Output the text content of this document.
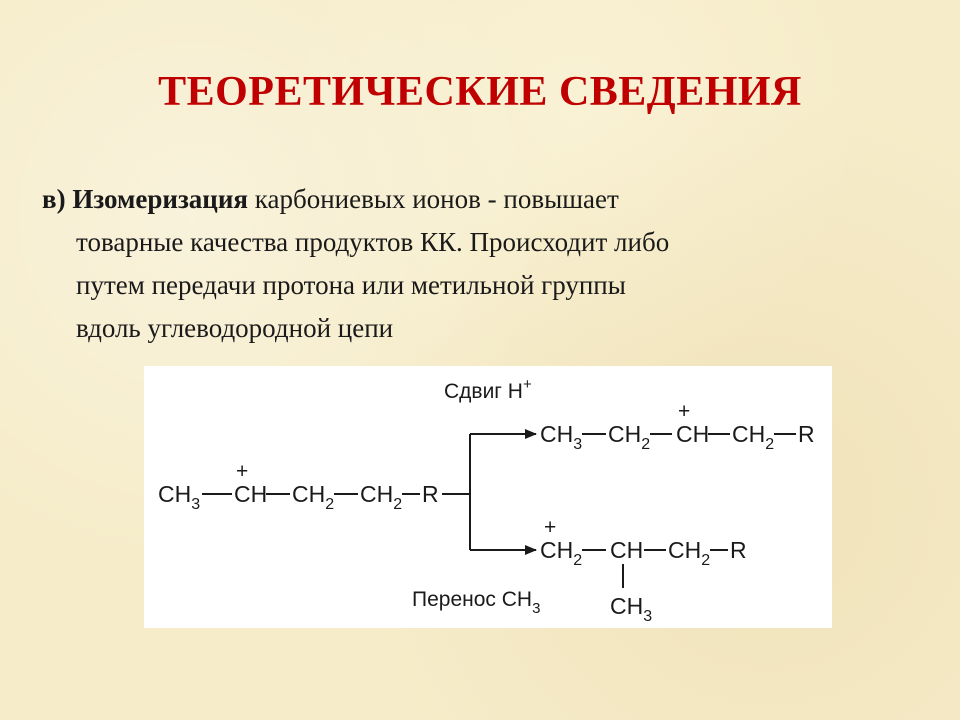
ТЕОРЕТИЧЕСКИЕ СВЕДЕНИЯ
в) Изомеризация карбониевых ионов - повышает
товарные качества продуктов КК. Происходит либо
путем передачи протона или метильной группы
вдоль углеводородной цепи
Сдвиг H+
Перенос $CH_3$
$CH_3$
+
CH $CH_2$ $CH_2$ R
$CH_3$ $CH_2$
+
CH $CH_2$ R
+
$CH_2$ CH $CH_2$ R
$CH_3$
